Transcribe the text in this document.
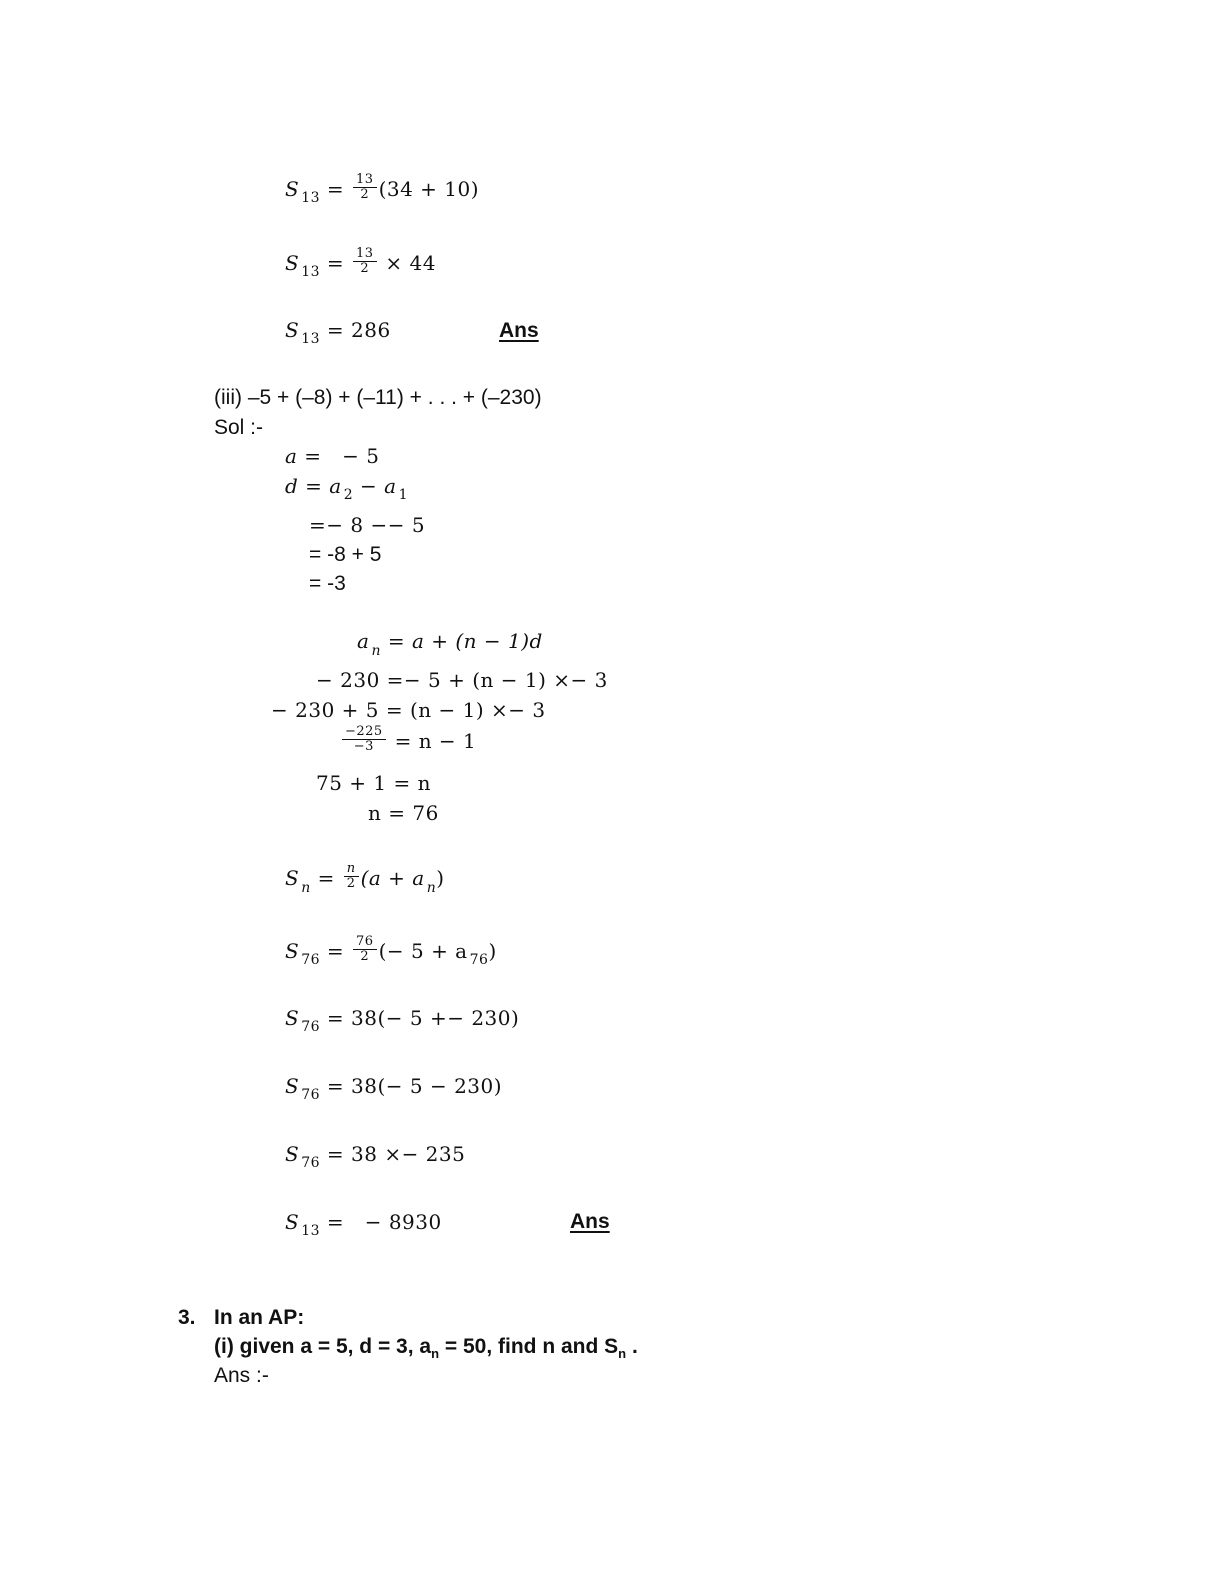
S $_{13} = \frac{13}{2} (34 + 10)$
S $_{13} = \frac{13}{2} \times 44$
S $_{13}$ = 286	Ans
(iii) –5 + (–8) + (–11) + . . . + (–230)
Sol :-
a = − 5
d = a $_2$ − a $_1$
=− 8 −− 5
= -8 + 5
= -3
a $_n$ = a + (n − 1)d
− 230 =− 5 + (n − 1) ×− 3
− 230 + 5 = (n − 1) ×− 3
$\frac{-225}{-3} = n - 1$
75 + 1 = n
n = 76
S $_n = \frac{n}{2} (a + a$ $_n$)
S $_{76} = \frac{76}{2}$ (− 5 + a $_{76}$)
S $_{76}$ = 38(− 5 +− 230)
S $_{76}$ = 38(− 5 − 230)
S $_{76}$ = 38 ×− 235
S $_{13}$ =   − 8930	Ans
3. In an AP:
(i) given a = 5, d = 3, $a_n = 50$, find n and $S_n$ .
Ans :-
